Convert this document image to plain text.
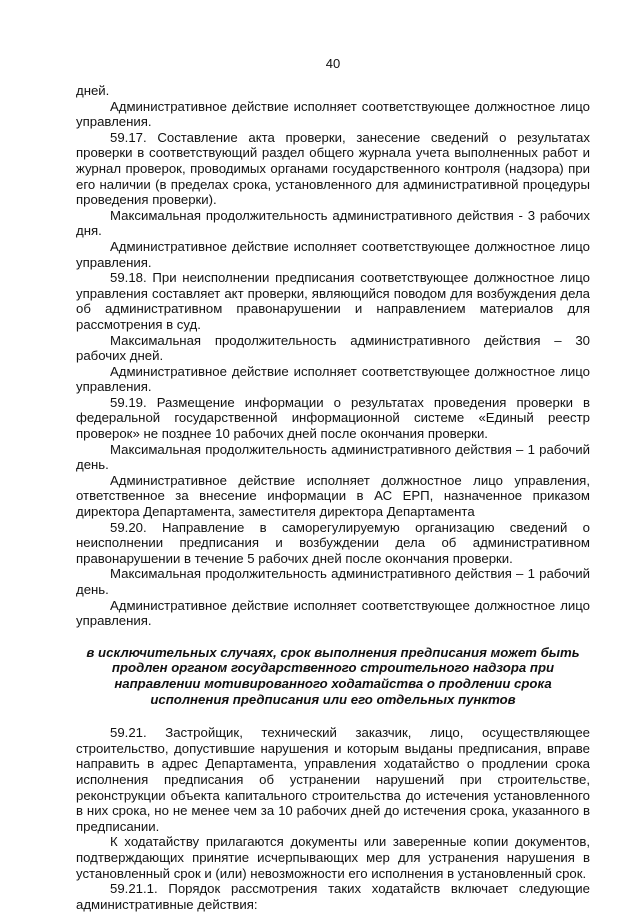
40

дней.

Административное действие исполняет соответствующее должностное лицо управления.

59.17. Составление акта проверки, занесение сведений о результатах проверки в соответствующий раздел общего журнала учета выполненных работ и журнал проверок, проводимых органами государственного контроля (надзора) при его наличии (в пределах срока, установленного для административной процедуры проведения проверки).

Максимальная продолжительность административного действия - 3 рабочих дня.

Административное действие исполняет соответствующее должностное лицо управления.

59.18. При неисполнении предписания соответствующее должностное лицо управления составляет акт проверки, являющийся поводом для возбуждения дела об административном правонарушении и направлением материалов для рассмотрения в суд.

Максимальная продолжительность административного действия – 30 рабочих дней.

Административное действие исполняет соответствующее должностное лицо управления.

59.19. Размещение информации о результатах проведения проверки в федеральной государственной информационной системе «Единый реестр проверок» не позднее 10 рабочих дней после окончания проверки.

Максимальная продолжительность административного действия – 1 рабочий день.

Административное действие исполняет должностное лицо управления, ответственное за внесение информации в АС ЕРП, назначенное приказом директора Департамента, заместителя директора Департамента

59.20. Направление в саморегулируемую организацию сведений о неисполнении предписания и возбуждении дела об административном правонарушении в течение 5 рабочих дней после окончания проверки.

Максимальная продолжительность административного действия – 1 рабочий день.

Административное действие исполняет соответствующее должностное лицо управления.

в исключительных случаях, срок выполнения предписания может быть продлен органом государственного строительного надзора при направлении мотивированного ходатайства о продлении срока исполнения предписания или его отдельных пунктов

59.21. Застройщик, технический заказчик, лицо, осуществляющее строительство, допустившие нарушения и которым выданы предписания, вправе направить в адрес Департамента, управления ходатайство о продлении срока исполнения предписания об устранении нарушений при строительстве, реконструкции объекта капитального строительства до истечения установленного в них срока, но не менее чем за 10 рабочих дней до истечения срока, указанного в предписании.

К ходатайству прилагаются документы или заверенные копии документов, подтверждающих принятие исчерпывающих мер для устранения нарушения в установленный срок и (или) невозможности его исполнения в установленный срок.

59.21.1. Порядок рассмотрения таких ходатайств включает следующие административные действия:
